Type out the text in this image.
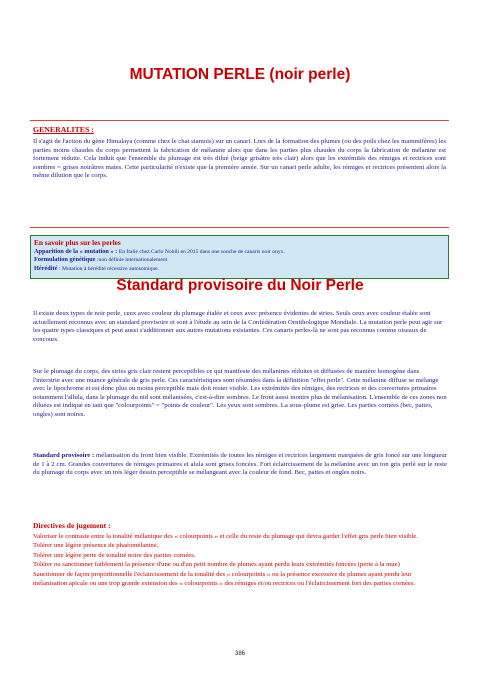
MUTATION PERLE (noir perle)
GENERALITES :

Il s'agit de l'action du gène Himalaya (comme chez le chat siamois) sur un canari. Lors de la formation des plumes (ou des poils chez les mammifères) les parties moins chaudes du corps permettent la fabrication de mélanine alors que dans les parties plus chaudes du corps la fabrication de mélanine est fortement réduite. Cela induit que l'ensemble du plumage est très dilué (beige grisâtre très clair) alors que les extrémités des rémiges et rectrices sont sombres = grises noirâtres mates. Cette particularité n'existe que la première année. Sur un canari perle adulte, les rémiges et rectrices présentent alors la même dilution que le corps.

En savoir plus sur les perles
Apparition de la « mutation » : En Italie chez Carlo Nobili en 2015 dans une souche de canaris noir onyx.
Formulation génétique :non définie internationalement
Hérédité : Mutation à hérédité récessive autosomique.
Standard provisoire du Noir Perle

Il existe deux types de noir perle, ceux avec couleur du plumage étalée et ceux avec présence évidentes de stries. Seuls ceux avec couleur étalée sont actuellement reconnus avec un standard provisoire et sont à l'étude au sein de la Confédération Ornithologique Mondiale. La mutation perle peut agir sur les quatre types classiques et peut aussi s'additionner aux autres mutations existantes. Ces canaris perles-là ne sont pas reconnus comme oiseaux de concours.

Sur le plumage du corps, des stries gris clair restent perceptibles ce qui manifeste des mélanines réduites et diffusées de manière homogène dans l'interstrie avec une nuance générale de gris perle. Ces caractéristiques sont résumées dans la définition "effet perle". Cette mélanine diffuse se mélange avec le lipochrome et est donc plus ou moins perceptible mais doit rester visible. Les extrémités des rémiges, des rectrices et des couvertures primaires notamment l'allula, dans le plumage du nid sont mélanisées, c'est-à-dire sombres. Le front aussi montre plus de mélanisation. L'ensemble de ces zones non diluées est indiqué en tant que "colourpoints" = "points de couleur". Les yeux sont sombres. La sous-plume est grise. Les parties cornées (bec, pattes, ongles) sont noires.

Standard provisoire : mélanisation du front bien visible. Extrémités de toutes les rémiges et rectrices largement marquées de gris foncé sur une longueur de 1 à 2 cm. Grandes couvertures de rémiges primaires et alula sont grises foncées. Fort éclaircissement de la mélanine avec un ton gris perlé sur le reste du plumage du corps avec un très léger dessin perceptible se mélangeant avec la couleur de fond. Bec, pattes et ongles noirs.

Directives de jugement :

Valoriser le contraste entre la tonalité mélanique des « colourpoints » et celle du reste du plumage qui devra garder l'effet gris perle bien visible.

Tolérer une légère présence de phaéomélanine.

Tolérer une légère perte de tonalité noire des parties cornées.

Tolérer ou sanctionner faiblement la présence d'une ou d'un petit nombre de plumes ayant perdu leurs extrémités foncées (perte à la mue)

Sanctionner de façon proportionnelle l'éclaircissement de la tonalité des « colourpoints » ou la présence excessive de plumes ayant perdu leur mélanisation apicale ou une trop grande extension des « colourpoints » des rémiges et/ou rectrices ou l'éclaircissement fort des parties cornées.

386
